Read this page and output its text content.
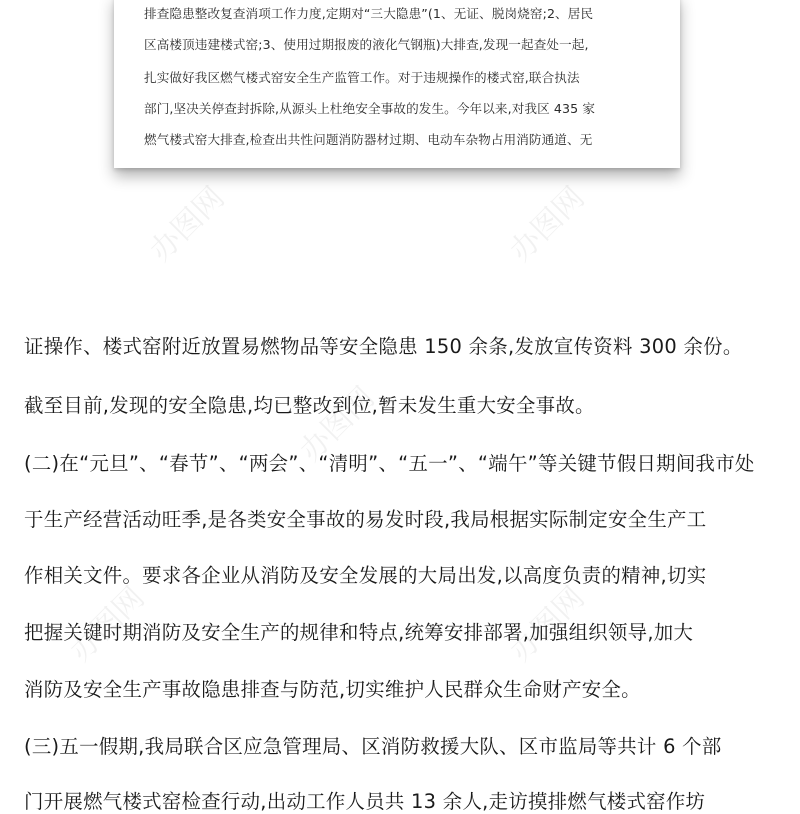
排查隐患整改复查消项工作力度,定期对“三大隐患”(1、无证、脱岗烧窑;2、居民

区高楼顶违建楼式窑;3、使用过期报废的液化气钢瓶)大排查,发现一起查处一起,

扎实做好我区燃气楼式窑安全生产监管工作。对于违规操作的楼式窑,联合执法

部门,坚决关停查封拆除,从源头上杜绝安全事故的发生。今年以来,对我区 435 家

燃气楼式窑大排查,检查出共性问题消防器材过期、电动车杂物占用消防通道、无

办图网	办图网
办图网
办图网	办图网

证操作、楼式窑附近放置易燃物品等安全隐患 150 余条,发放宣传资料 300 余份。

截至目前,发现的安全隐患,均已整改到位,暂未发生重大安全事故。

(二)在“元旦”、“春节”、“两会”、“清明”、“五一”、“端午”等关键节假日期间我市处

于生产经营活动旺季,是各类安全事故的易发时段,我局根据实际制定安全生产工

作相关文件。要求各企业从消防及安全发展的大局出发,以高度负责的精神,切实

把握关键时期消防及安全生产的规律和特点,统筹安排部署,加强组织领导,加大

消防及安全生产事故隐患排查与防范,切实维护人民群众生命财产安全。

(三)五一假期,我局联合区应急管理局、区消防救援大队、区市监局等共计 6 个部

门开展燃气楼式窑检查行动,出动工作人员共 13 余人,走访摸排燃气楼式窑作坊
